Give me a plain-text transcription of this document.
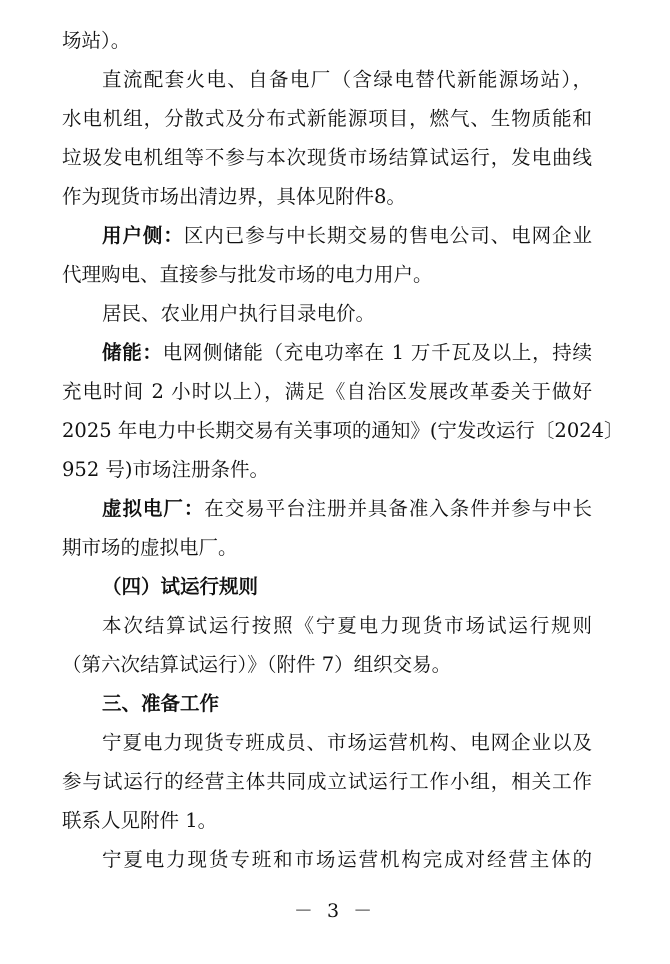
场站）。
直流配套火电、自备电厂（含绿电替代新能源场站），
水电机组，分散式及分布式新能源项目，燃气、生物质能和
垃圾发电机组等不参与本次现货市场结算试运行，发电曲线
作为现货市场出清边界，具体见附件8。
用户侧：区内已参与中长期交易的售电公司、电网企业
代理购电、直接参与批发市场的电力用户。
居民、农业用户执行目录电价。
储能：电网侧储能（充电功率在 1 万千瓦及以上，持续
充电时间 2 小时以上），满足《自治区发展改革委关于做好
2025 年电力中长期交易有关事项的通知》(宁发改运行〔2024〕
952 号)市场注册条件。
虚拟电厂：在交易平台注册并具备准入条件并参与中长
期市场的虚拟电厂。
（四）试运行规则
本次结算试运行按照《宁夏电力现货市场试运行规则
（第六次结算试运行）》（附件 7）组织交易。
三、准备工作
宁夏电力现货专班成员、市场运营机构、电网企业以及
参与试运行的经营主体共同成立试运行工作小组，相关工作
联系人见附件 1。
宁夏电力现货专班和市场运营机构完成对经营主体的
－ 3 －
